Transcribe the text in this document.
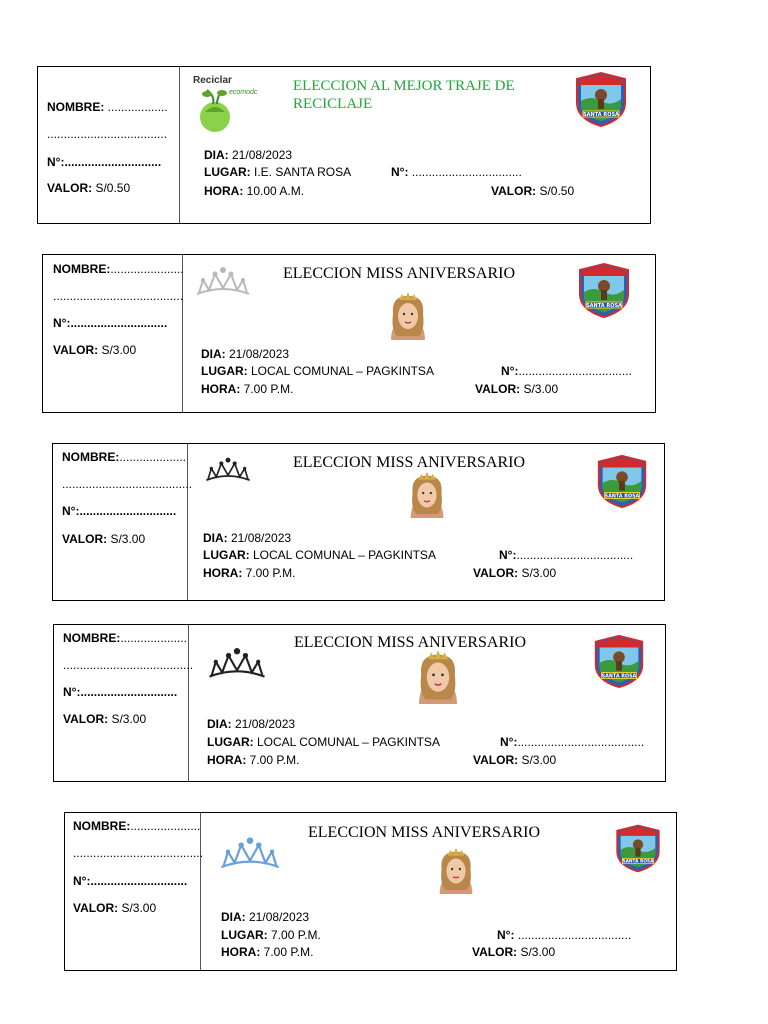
NOMBRE: ..................
....................................
N°:.............................
VALOR: S/0.50
Reciclar
ecomodc ELECCION AL MEJOR TRAJE DE RECICLAJE
DIA: 21/08/2023
LUGAR: I.E. SANTA ROSA	N°: .................................
HORA: 10.00 A.M.	VALOR: S/0.50
NOMBRE:......................
.......................................
N°:.............................
VALOR: S/3.00
ELECCION MISS ANIVERSARIO
DIA: 21/08/2023
LUGAR: LOCAL COMUNAL – PAGKINTSA	N°:..................................
HORA: 7.00 P.M.	VALOR: S/3.00
NOMBRE:....................
.......................................
N°:.............................
VALOR: S/3.00
ELECCION MISS ANIVERSARIO
DIA: 21/08/2023
LUGAR: LOCAL COMUNAL – PAGKINTSA	N°:...................................
HORA: 7.00 P.M.	VALOR: S/3.00
NOMBRE:....................
.......................................
N°:.............................
VALOR: S/3.00
ELECCION MISS ANIVERSARIO
DIA: 21/08/2023
LUGAR: LOCAL COMUNAL – PAGKINTSA	N°:......................................
HORA: 7.00 P.M.	VALOR: S/3.00
NOMBRE:.....................
.......................................
N°:.............................
VALOR: S/3.00
ELECCION MISS ANIVERSARIO
DIA: 21/08/2023
LUGAR: 7.00 P.M.	N°: ..................................
HORA: 7.00 P.M.	VALOR: S/3.00
